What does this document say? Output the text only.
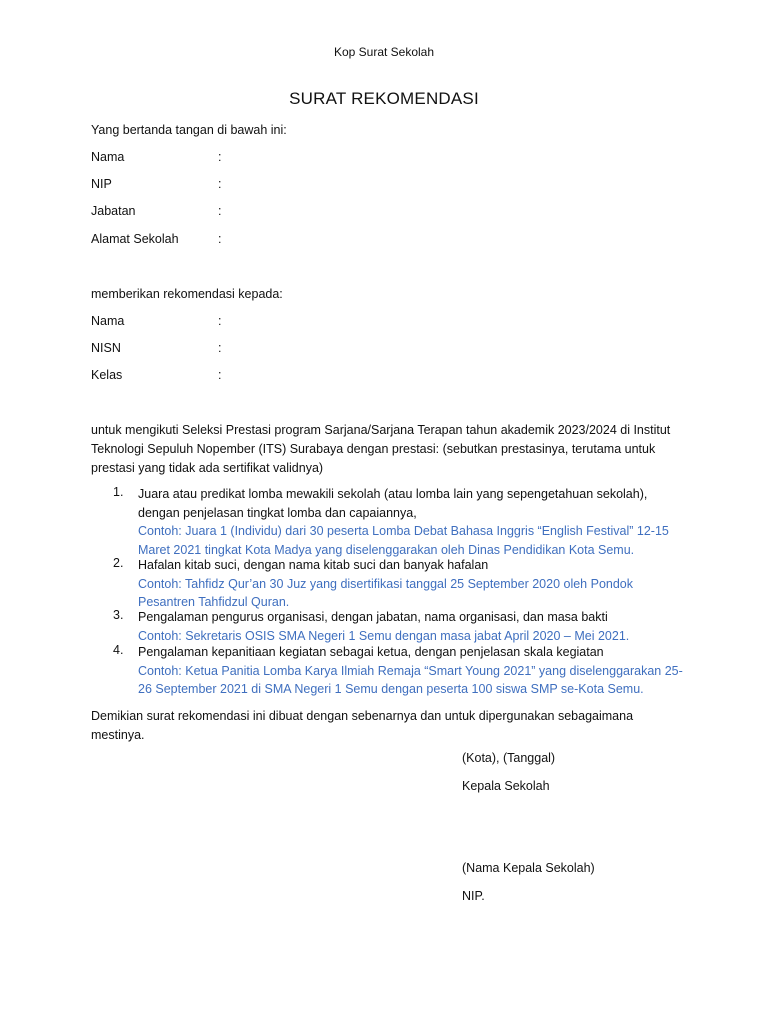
Kop Surat Sekolah
SURAT REKOMENDASI
Yang bertanda tangan di bawah ini:
Nama	:
NIP	:
Jabatan	:
Alamat Sekolah	:
memberikan rekomendasi kepada:
Nama	:
NISN	:
Kelas	:
untuk mengikuti Seleksi Prestasi program Sarjana/Sarjana Terapan tahun akademik 2023/2024 di Institut Teknologi Sepuluh Nopember (ITS) Surabaya dengan prestasi: (sebutkan prestasinya, terutama untuk prestasi yang tidak ada sertifikat validnya)
1. Juara atau predikat lomba mewakili sekolah (atau lomba lain yang sepengetahuan sekolah), dengan penjelasan tingkat lomba dan capaiannya,
Contoh: Juara 1 (Individu) dari 30 peserta Lomba Debat Bahasa Inggris “English Festival” 12-15 Maret 2021 tingkat Kota Madya yang diselenggarakan oleh Dinas Pendidikan Kota Semu.
2. Hafalan kitab suci, dengan nama kitab suci dan banyak hafalan
Contoh: Tahfidz Qur’an 30 Juz yang disertifikasi tanggal 25 September 2020 oleh Pondok Pesantren Tahfidzul Quran.
3. Pengalaman pengurus organisasi, dengan jabatan, nama organisasi, dan masa bakti
Contoh: Sekretaris OSIS SMA Negeri 1 Semu dengan masa jabat April 2020 – Mei 2021.
4. Pengalaman kepanitiaan kegiatan sebagai ketua, dengan penjelasan skala kegiatan
Contoh: Ketua Panitia Lomba Karya Ilmiah Remaja “Smart Young 2021” yang diselenggarakan 25-26 September 2021 di SMA Negeri 1 Semu dengan peserta 100 siswa SMP se-Kota Semu.
Demikian surat rekomendasi ini dibuat dengan sebenarnya dan untuk dipergunakan sebagaimana mestinya.
(Kota), (Tanggal)
Kepala Sekolah
(Nama Kepala Sekolah)
NIP.
